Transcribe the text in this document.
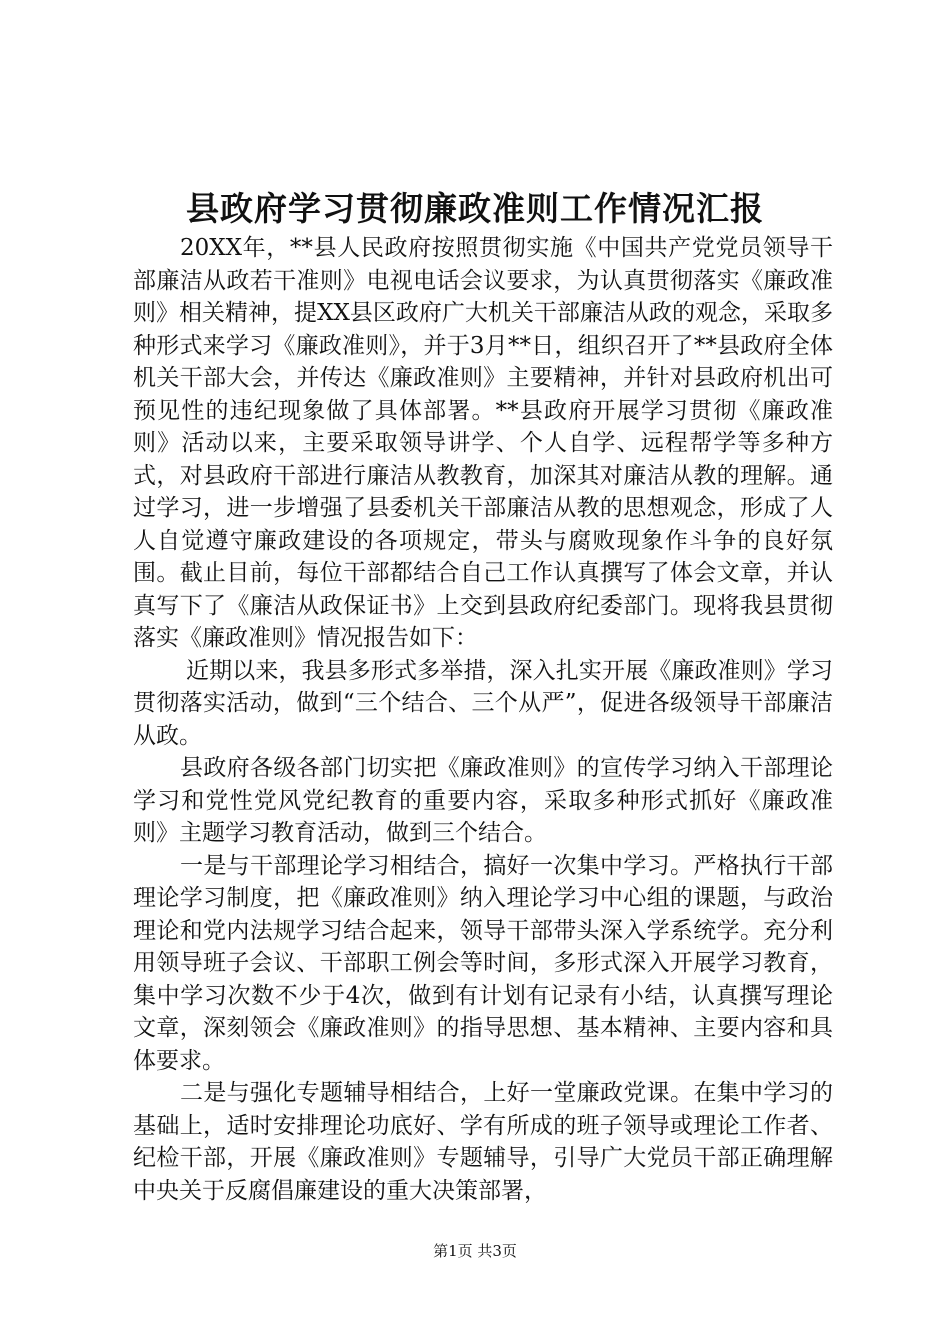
县政府学习贯彻廉政准则工作情况汇报

20XX年，**县人民政府按照贯彻实施《中国共产党党员领导干部廉洁从政若干准则》电视电话会议要求，为认真贯彻落实《廉政准则》相关精神，提XX县区政府广大机关干部廉洁从政的观念，采取多种形式来学习《廉政准则》，并于3月**日，组织召开了**县政府全体机关干部大会，并传达《廉政准则》主要精神，并针对县政府机出可预见性的违纪现象做了具体部署。**县政府开展学习贯彻《廉政准则》活动以来，主要采取领导讲学、个人自学、远程帮学等多种方式，对县政府干部进行廉洁从教教育，加深其对廉洁从教的理解。通过学习，进一步增强了县委机关干部廉洁从教的思想观念，形成了人人自觉遵守廉政建设的各项规定，带头与腐败现象作斗争的良好氛围。截止目前，每位干部都结合自己工作认真撰写了体会文章，并认真写下了《廉洁从政保证书》上交到县政府纪委部门。现将我县贯彻落实《廉政准则》情况报告如下：

近期以来，我县多形式多举措，深入扎实开展《廉政准则》学习贯彻落实活动，做到“三个结合、三个从严”，促进各级领导干部廉洁从政。

县政府各级各部门切实把《廉政准则》的宣传学习纳入干部理论学习和党性党风党纪教育的重要内容，采取多种形式抓好《廉政准则》主题学习教育活动，做到三个结合。

一是与干部理论学习相结合，搞好一次集中学习。严格执行干部理论学习制度，把《廉政准则》纳入理论学习中心组的课题，与政治理论和党内法规学习结合起来，领导干部带头深入学系统学。充分利用领导班子会议、干部职工例会等时间，多形式深入开展学习教育，集中学习次数不少于4次，做到有计划有记录有小结，认真撰写理论文章，深刻领会《廉政准则》的指导思想、基本精神、主要内容和具体要求。

二是与强化专题辅导相结合，上好一堂廉政党课。在集中学习的基础上，适时安排理论功底好、学有所成的班子领导或理论工作者、纪检干部，开展《廉政准则》专题辅导，引导广大党员干部正确理解中央关于反腐倡廉建设的重大决策部署，

第1页 共3页
